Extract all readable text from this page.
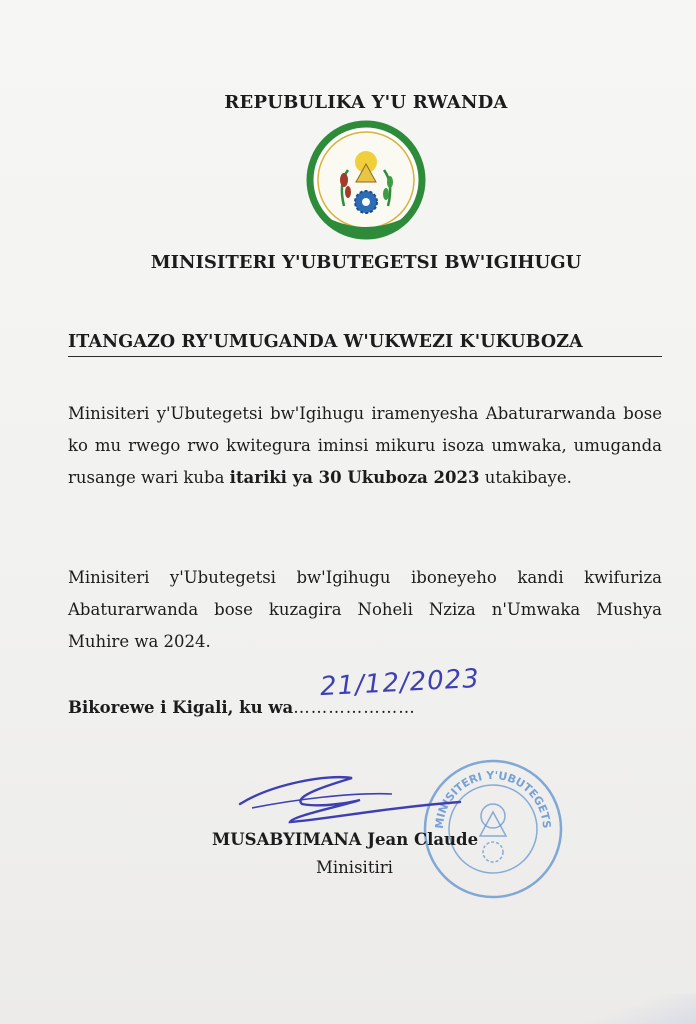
REPUBULIKA Y'U RWANDA
MINISITERI Y'UBUTEGETSI BW'IGIHUGU
ITANGAZO RY'UMUGANDA W'UKWEZI K'UKUBOZA
Minisiteri y'Ubutegetsi bw'Igihugu iramenyesha Abaturarwanda bose ko mu rwego rwo kwitegura iminsi mikuru isoza umwaka, umuganda rusange wari kuba itariki ya 30 Ukuboza 2023 utakibaye.
Minisiteri y'Ubutegetsi bw'Igihugu iboneyeho kandi kwifuriza Abaturarwanda bose kuzagira Noheli Nziza n'Umwaka Mushya Muhire wa 2024.
Bikorewe i Kigali, ku wa…………………
21/12/2023
MINISITERI Y'UBUTEGETS
MUSABYIMANA Jean Claude
Minisitiri
